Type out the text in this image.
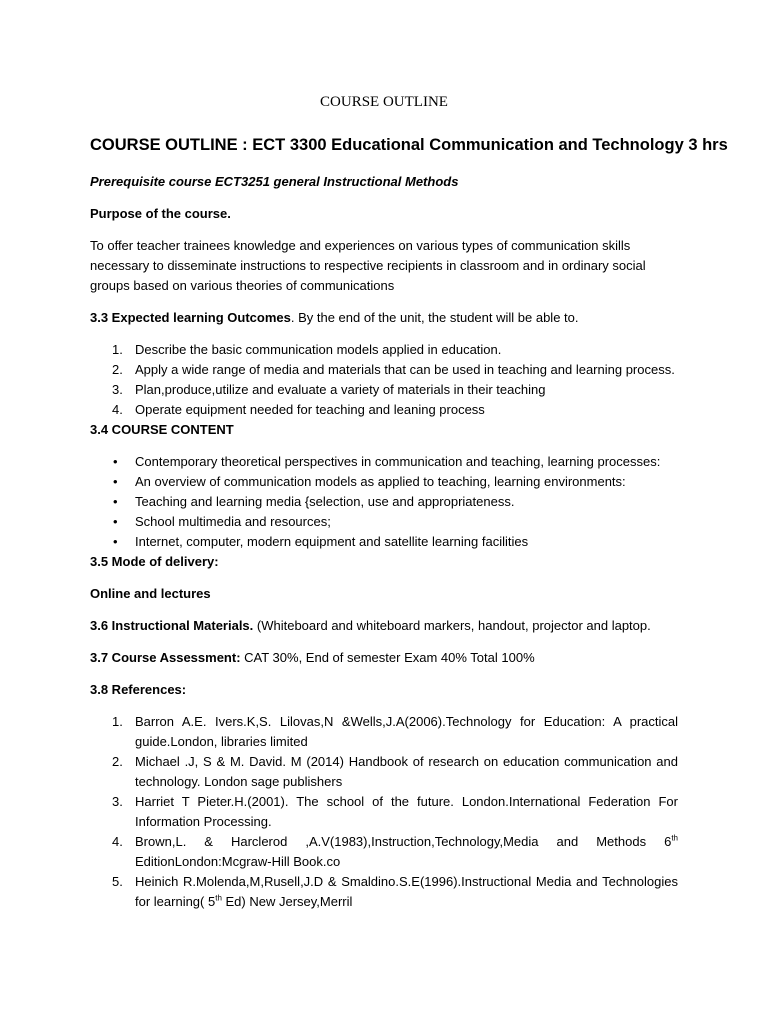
COURSE OUTLINE
COURSE OUTLINE : ECT 3300 Educational Communication and Technology 3 hrs

Prerequisite course ECT3251 general Instructional Methods

Purpose of the course.

To offer teacher trainees knowledge and experiences on various types of communication skills necessary to disseminate instructions to respective recipients in classroom and in ordinary social groups based on various theories of communications

3.3 Expected learning Outcomes. By the end of the unit, the student will be able to.

1. Describe the basic communication models applied in education.
2. Apply a wide range of media and materials that can be used in teaching and learning process.
3. Plan,produce,utilize and evaluate a variety of materials in their teaching
4. Operate equipment needed for teaching and leaning process

3.4 COURSE CONTENT

• Contemporary theoretical perspectives in communication and teaching, learning processes:
• An overview of communication models as applied to teaching, learning environments:
• Teaching and learning media {selection, use and appropriateness.
• School multimedia and resources;
• Internet, computer, modern equipment and satellite learning facilities

3.5 Mode of delivery:

Online and lectures

3.6 Instructional Materials. (Whiteboard and whiteboard markers, handout, projector and laptop.

3.7 Course Assessment: CAT 30%, End of semester Exam 40% Total 100%

3.8 References:

1. Barron A.E. Ivers.K,S. Lilovas,N &Wells,J.A(2006).Technology for Education: A practical guide.London, libraries limited
2. Michael .J, S & M. David. M (2014) Handbook of research on education communication and technology. London sage publishers
3. Harriet T Pieter.H.(2001). The school of the future. London.International Federation For Information Processing.
4. Brown,L. & Harclerod ,A.V(1983),Instruction,Technology,Media and Methods 6th EditionLondon:Mcgraw-Hill Book.co
5. Heinich R.Molenda,M,Rusell,J.D & Smaldino.S.E(1996).Instructional Media and Technologies for learning( 5th Ed) New Jersey,Merril
